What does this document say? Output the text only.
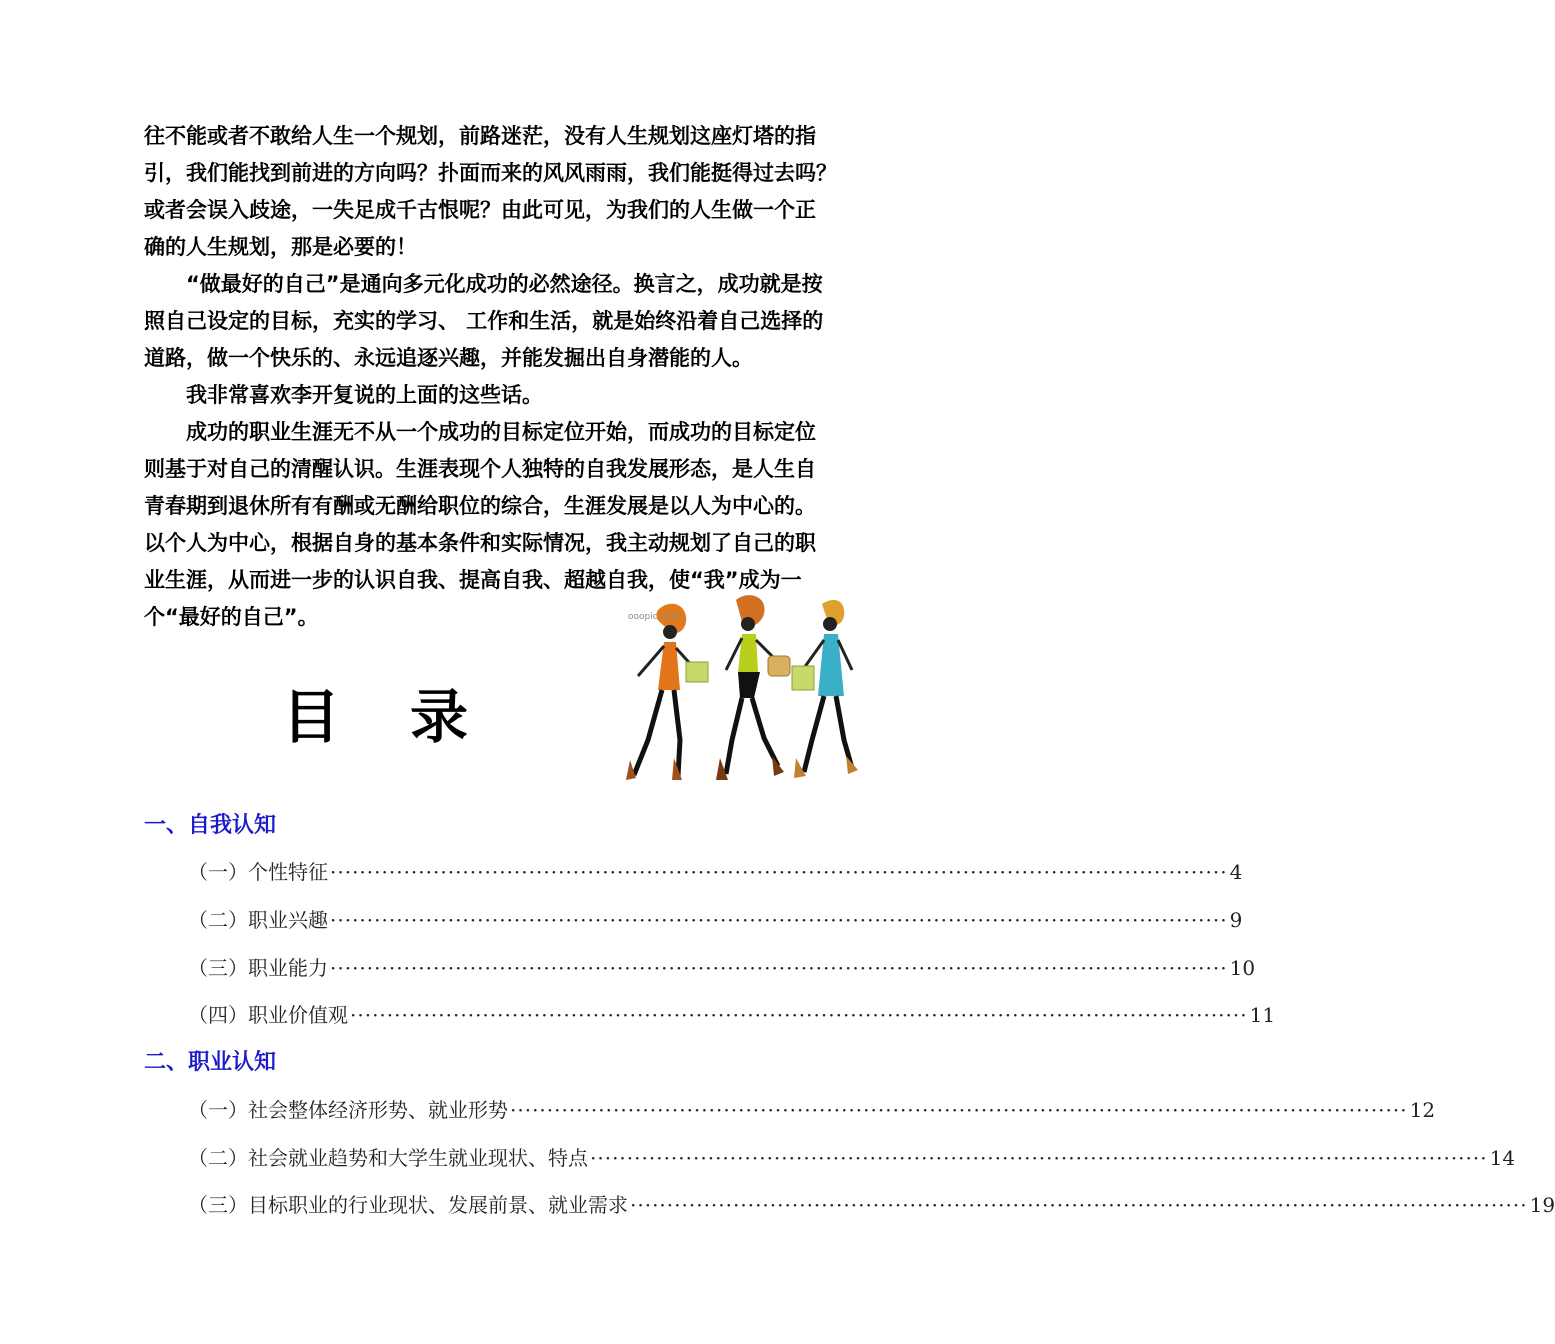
往不能或者不敢给人生一个规划，前路迷茫，没有人生规划这座灯塔的指
引，我们能找到前进的方向吗？扑面而来的风风雨雨，我们能挺得过去吗？
或者会误入歧途，一失足成千古恨呢？由此可见，为我们的人生做一个正
确的人生规划，那是必要的！
　　“做最好的自己”是通向多元化成功的必然途径。换言之，成功就是按
照自己设定的目标，充实的学习、 工作和生活，就是始终沿着自己选择的
道路，做一个快乐的、永远追逐兴趣，并能发掘出自身潜能的人。
　　我非常喜欢李开复说的上面的这些话。
　　成功的职业生涯无不从一个成功的目标定位开始，而成功的目标定位
则基于对自己的清醒认识。生涯表现个人独特的自我发展形态，是人生自
青春期到退休所有有酬或无酬给职位的综合，生涯发展是以人为中心的。
以个人为中心，根据自身的基本条件和实际情况，我主动规划了自己的职
业生涯，从而进一步的认识自我、提高自我、超越自我，使“我”成为一
个“最好的自己”。	ooopic.com
目录
一、自我认知
（一）个性特征 ·························································································································· 4
（二）职业兴趣 ·························································································································· 9
（三）职业能力 ·························································································································· 10
（四）职业价值观 ·························································································································· 11
二、职业认知
（一）社会整体经济形势、就业形势 ·························································································································· 12
（二）社会就业趋势和大学生就业现状、特点 ·························································································································· 14
（三）目标职业的行业现状、发展前景、就业需求 ·························································································································· 19
